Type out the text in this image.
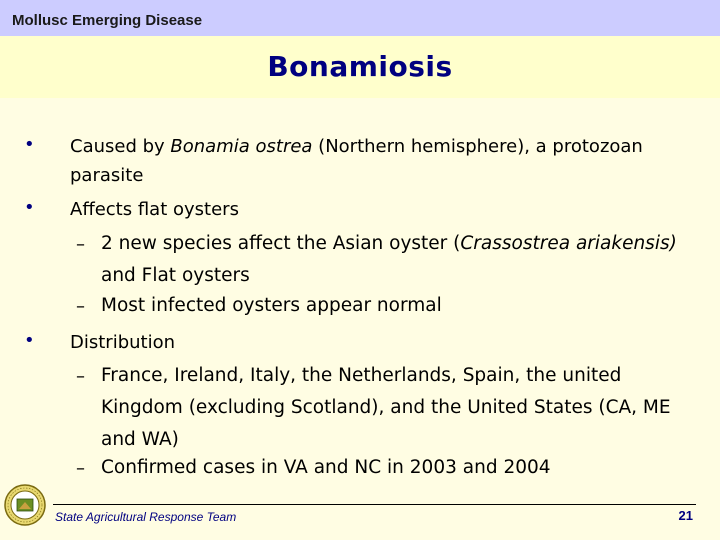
Mollusc Emerging Disease
Bonamiosis
• Caused by Bonamia ostrea (Northern hemisphere), a protozoan parasite
• Affects flat oysters
– 2 new species affect the Asian oyster (Crassostrea ariakensis) and Flat oysters
– Most infected oysters appear normal
• Distribution
– France, Ireland, Italy, the Netherlands, Spain, the united Kingdom (excluding Scotland), and the United States (CA, ME and WA)
– Confirmed cases in VA and NC in 2003 and 2004
State Agricultural Response Team	21
